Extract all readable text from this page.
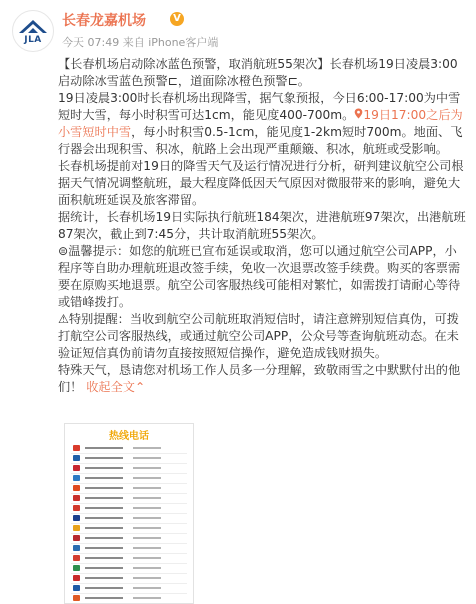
JLA
长春龙嘉机场	V
今天 07:49 来自 iPhone客户端

【长春机场启动除冰蓝色预警，取消航班55架次】长春机场19日凌晨3:00启动除冰雪蓝色预警⊏，道面除冰橙色预警⊏。

19日凌晨3:00时长春机场出现降雪，据气象预报，今日6:00-17:00为中雪短时大雪，每小时积雪可达1cm，能见度400-700m。 19日17:00之后为小雪短时中雪，每小时积雪0.5-1cm，能见度1-2km短时700m。地面、飞行器会出现积雪、积冰，航路上会出现严重颠簸、积冰，航班或受影响。

长春机场提前对19日的降雪天气及运行情况进行分析，研判建议航空公司根据天气情况调整航班，最大程度降低因天气原因对微服带来的影响，避免大面积航班延误及旅客滞留。

据统计，长春机场19日实际执行航班184架次，进港航班97架次，出港航班87架次，截止到7:45分，共计取消航班55架次。

⊜温馨提示：如您的航班已宣布延误或取消，您可以通过航空公司APP，小程序等自助办理航班退改签手续，免收一次退票改签手续费。购买的客票需要在原购买地退票。航空公司客服热线可能相对繁忙，如需拨打请耐心等待或错峰拨打。

⚠特别提醒：当收到航空公司航班取消短信时，请注意辨别短信真伪，可拨打航空公司客服热线，或通过航空公司APP，公众号等查询航班动态。在未验证短信真伪前请勿直接按照短信操作，避免造成钱财损失。

特殊天气，恳请您对机场工作人员多一分理解，致敬雨雪之中默默付出的他们！ 收起全文⌃

热线电话
